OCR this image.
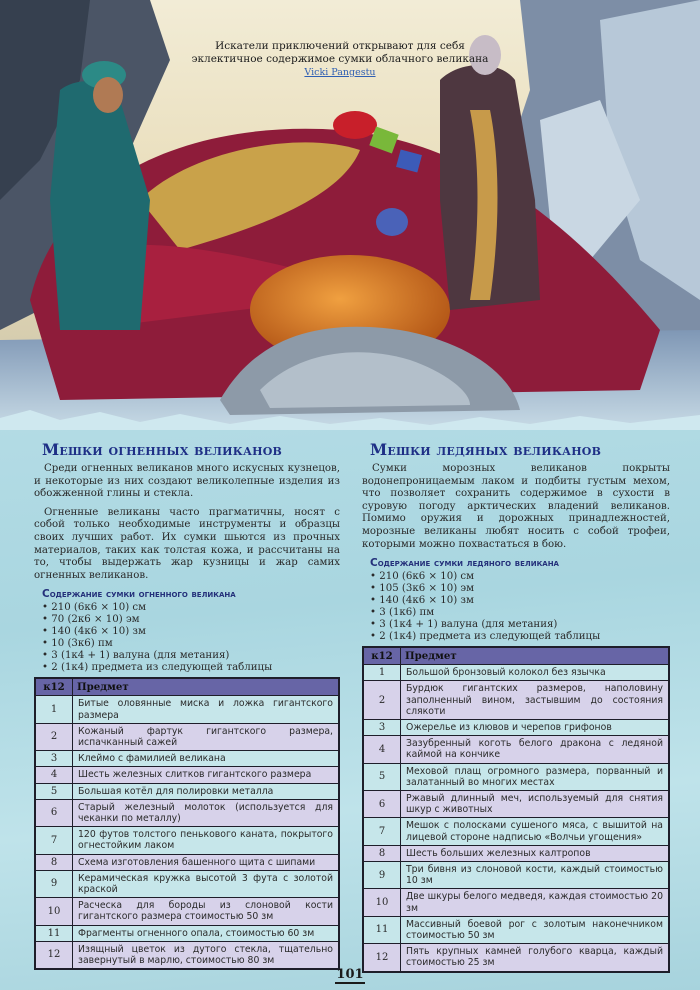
Искатели приключений открывают для себя
эклектичное содержимое сумки облачного великана
Vicki Pangestu
Мешки огненных великанов

Среди огненных великанов много искусных кузнецов, и некоторые из них создают великолепные изделия из обожженной глины и стекла.

Огненные великаны часто прагматичны, носят с собой только необходимые инструменты и образцы своих лучших работ. Их сумки шьются из прочных материалов, таких как толстая кожа, и рассчитаны на то, чтобы выдержать жар кузницы и жар самих огненных великанов.

Содержание сумки огненного великана
• 210 (6к6 × 10) см
• 70 (2к6 × 10) эм
• 140 (4к6 × 10) зм
• 10 (3к6) пм
• 3 (1к4 + 1) валуна (для метания)
• 2 (1к4) предмета из следующей таблицы
к12	Предмет
1	Битые оловянные миска и ложка гигантского размера
2	Кожаный фартук гигантского размера, испачканный сажей
3	Клеймо с фамилией великана
4	Шесть железных слитков гигантского размера
5	Большая котёл для полировки металла
6	Старый железный молоток (используется для чеканки по металлу)
7	120 футов толстого пенькового каната, покрытого огнестойким лаком
8	Схема изготовления башенного щита с шипами
9	Керамическая кружка высотой 3 фута с золотой краской
10	Расческа для бороды из слоновой кости гигантского размера стоимостью 50 зм
11	Фрагменты огненного опала, стоимостью 60 зм
12	Изящный цветок из дутого стекла, тщательно завернутый в марлю, стоимостью 80 зм
Мешки ледяных великанов

Сумки морозных великанов покрыты водонепроницаемым лаком и подбиты густым мехом, что позволяет сохранить содержимое в сухости в суровую погоду арктических владений великанов. Помимо оружия и дорожных принадлежностей, морозные великаны любят носить с собой трофеи, которыми можно похвастаться в бою.

Содержание сумки ледяного великана
• 210 (6к6 × 10) см
• 105 (3к6 × 10) эм
• 140 (4к6 × 10) зм
• 3 (1к6) пм
• 3 (1к4 + 1) валуна (для метания)
• 2 (1к4) предмета из следующей таблицы
к12	Предмет
1	Большой бронзовый колокол без язычка
2	Бурдюк гигантских размеров, наполовину заполненный вином, застывшим до состояния слякоти
3	Ожерелье из клювов и черепов грифонов
4	Зазубренный коготь белого дракона с ледяной каймой на кончике
5	Меховой плащ огромного размера, порванный и залатанный во многих местах
6	Ржавый длинный меч, используемый для снятия шкур с животных
7	Мешок с полосками сушеного мяса, с вышитой на лицевой стороне надписью «Волчьи угощения»
8	Шесть больших железных калтропов
9	Три бивня из слоновой кости, каждый стоимостью 10 зм
10	Две шкуры белого медведя, каждая стоимостью 20 зм
11	Массивный боевой рог с золотым наконечником стоимостью 50 зм
12	Пять крупных камней голубого кварца, каждый стоимостью 25 зм
101
